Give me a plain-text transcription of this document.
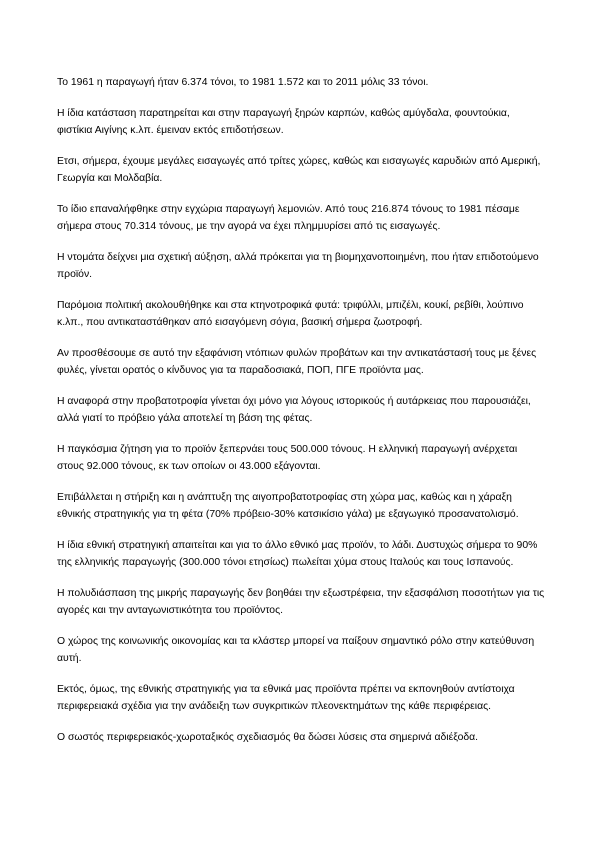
Το 1961 η παραγωγή ήταν 6.374 τόνοι, το 1981 1.572 και το 2011 μόλις 33 τόνοι.

Η ίδια κατάσταση παρατηρείται και στην παραγωγή ξηρών καρπών, καθώς αμύγδαλα, φουντούκια, φιστίκια Αιγίνης κ.λπ. έμειναν εκτός επιδοτήσεων.

Ετσι, σήμερα, έχουμε μεγάλες εισαγωγές από τρίτες χώρες, καθώς και εισαγωγές καρυδιών από Αμερική, Γεωργία και Μολδαβία.

Το ίδιο επαναλήφθηκε στην εγχώρια παραγωγή λεμονιών. Από τους 216.874 τόνους το 1981 πέσαμε σήμερα στους 70.314 τόνους, με την αγορά να έχει πλημμυρίσει από τις εισαγωγές.

Η ντομάτα δείχνει μια σχετική αύξηση, αλλά πρόκειται για τη βιομηχανοποιημένη, που ήταν επιδοτούμενο προϊόν.

Παρόμοια πολιτική ακολουθήθηκε και στα κτηνοτροφικά φυτά: τριφύλλι, μπιζέλι, κουκί, ρεβίθι, λούπινο κ.λπ., που αντικαταστάθηκαν από εισαγόμενη σόγια, βασική σήμερα ζωοτροφή.

Αν προσθέσουμε σε αυτό την εξαφάνιση ντόπιων φυλών προβάτων και την αντικατάστασή τους με ξένες φυλές, γίνεται ορατός ο κίνδυνος για τα παραδοσιακά, ΠΟΠ, ΠΓΕ προϊόντα μας.

Η αναφορά στην προβατοτροφία γίνεται όχι μόνο για λόγους ιστορικούς ή αυτάρκειας που παρουσιάζει, αλλά γιατί το πρόβειο γάλα αποτελεί τη βάση της φέτας.

Η παγκόσμια ζήτηση για το προϊόν ξεπερνάει τους 500.000 τόνους. Η ελληνική παραγωγή ανέρχεται στους 92.000 τόνους, εκ των οποίων οι 43.000 εξάγονται.

Επιβάλλεται η στήριξη και η ανάπτυξη της αιγοπροβατοτροφίας στη χώρα μας, καθώς και η χάραξη εθνικής στρατηγικής για τη φέτα (70% πρόβειο-30% κατσικίσιο γάλα) με εξαγωγικό προσανατολισμό.

Η ίδια εθνική στρατηγική απαιτείται και για το άλλο εθνικό μας προϊόν, το λάδι. Δυστυχώς σήμερα το 90% της ελληνικής παραγωγής (300.000 τόνοι ετησίως) πωλείται χύμα στους Ιταλούς και τους Ισπανούς.

Η πολυδιάσπαση της μικρής παραγωγής δεν βοηθάει την εξωστρέφεια, την εξασφάλιση ποσοτήτων για τις αγορές και την ανταγωνιστικότητα του προϊόντος.

Ο χώρος της κοινωνικής οικονομίας και τα κλάστερ μπορεί να παίξουν σημαντικό ρόλο στην κατεύθυνση αυτή.

Εκτός, όμως, της εθνικής στρατηγικής για τα εθνικά μας προϊόντα πρέπει να εκπονηθούν αντίστοιχα περιφερειακά σχέδια για την ανάδειξη των συγκριτικών πλεονεκτημάτων της κάθε περιφέρειας.

Ο σωστός περιφερειακός-χωροταξικός σχεδιασμός θα δώσει λύσεις στα σημερινά αδιέξοδα.
